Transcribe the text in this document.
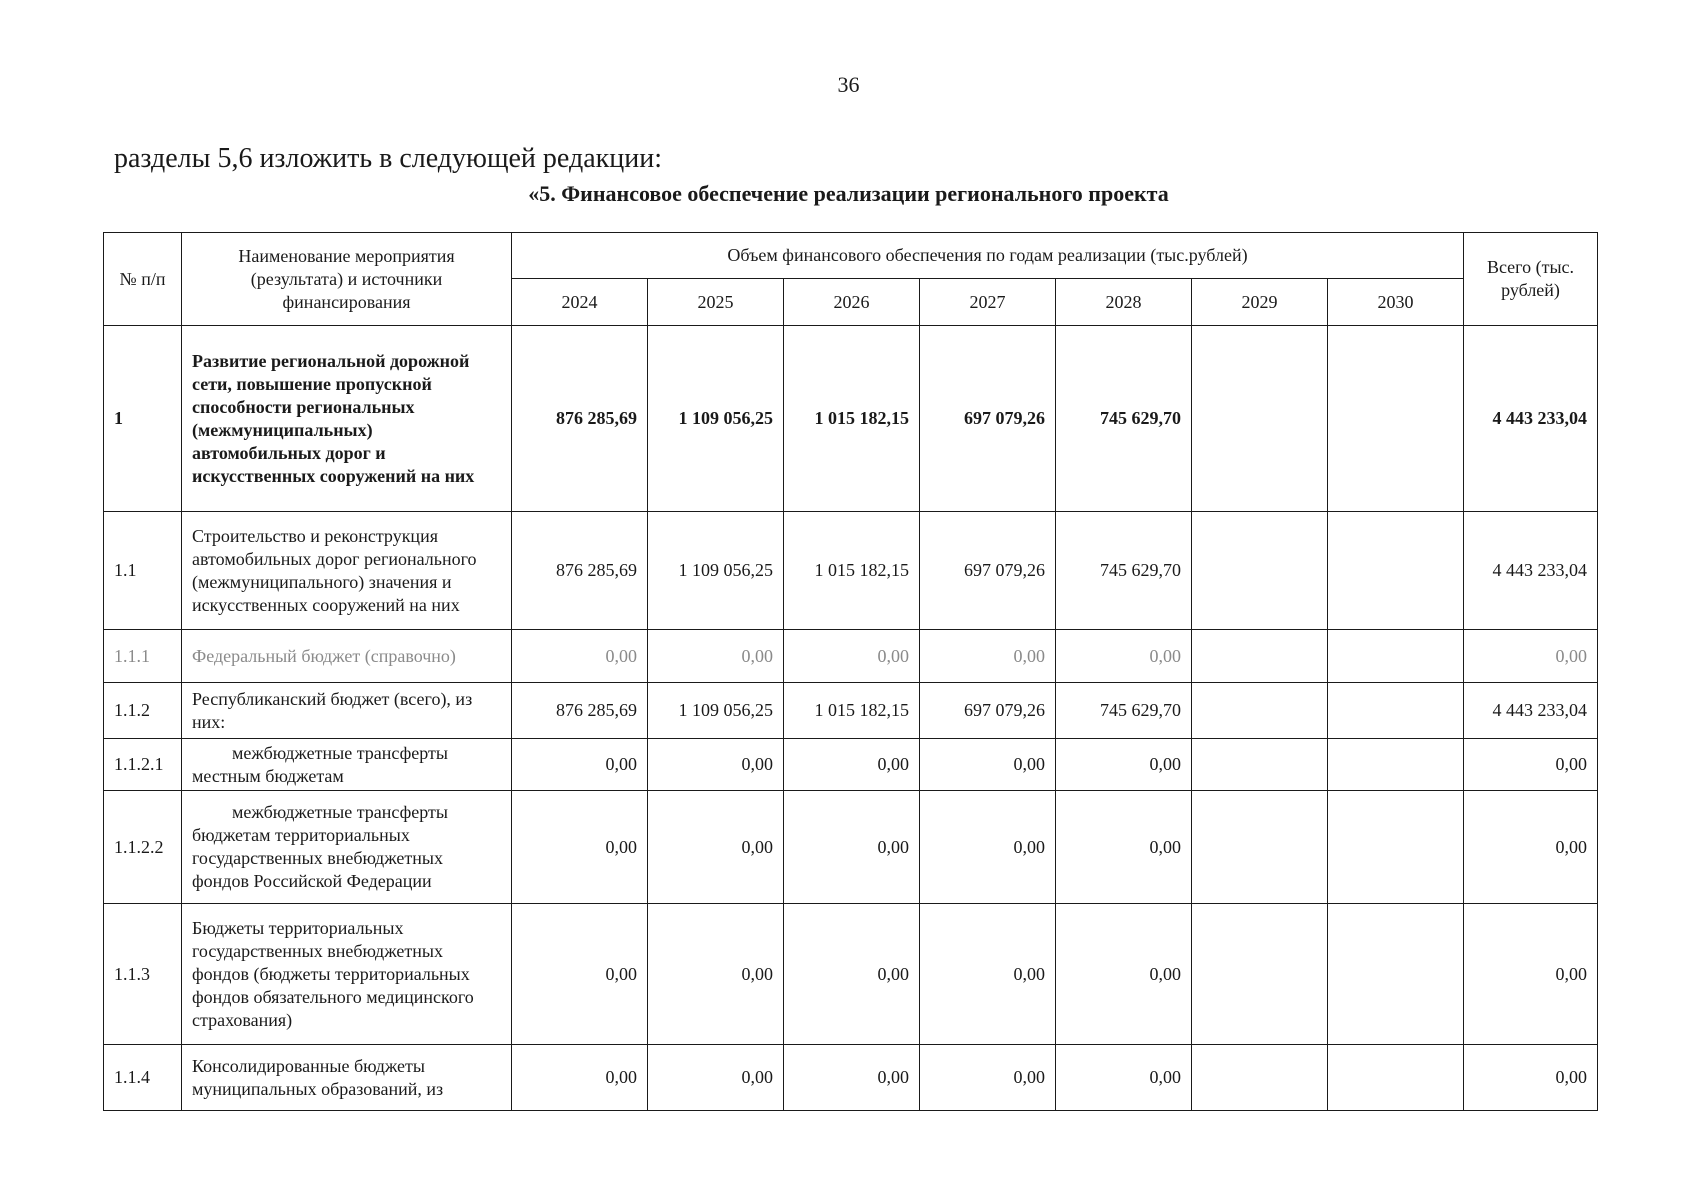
36
разделы 5,6 изложить в следующей редакции:
«5. Финансовое обеспечение реализации регионального проекта
№ п/п	Наименование мероприятия (результата) и источники финансирования	Объем финансового обеспечения по годам реализации (тыс.рублей)							Всего (тыс. рублей)
		2024	2025	2026	2027	2028	2029	2030	
1	Развитие региональной дорожной сети, повышение пропускной способности региональных (межмуниципальных) автомобильных дорог и искусственных сооружений на них	876 285,69	1 109 056,25	1 015 182,15	697 079,26	745 629,70			4 443 233,04
1.1	Строительство и реконструкция автомобильных дорог регионального (межмуниципального) значения и искусственных сооружений на них	876 285,69	1 109 056,25	1 015 182,15	697 079,26	745 629,70			4 443 233,04
1.1.1	Федеральный бюджет (справочно)	0,00	0,00	0,00	0,00	0,00			0,00
1.1.2	Республиканский бюджет (всего), из них:	876 285,69	1 109 056,25	1 015 182,15	697 079,26	745 629,70			4 443 233,04
1.1.2.1	межбюджетные трансферты местным бюджетам	0,00	0,00	0,00	0,00	0,00			0,00
1.1.2.2	межбюджетные трансферты бюджетам территориальных государственных внебюджетных фондов Российской Федерации	0,00	0,00	0,00	0,00	0,00			0,00
1.1.3	Бюджеты территориальных государственных внебюджетных фондов (бюджеты территориальных фондов обязательного медицинского страхования)	0,00	0,00	0,00	0,00	0,00			0,00
1.1.4	Консолидированные бюджеты муниципальных образований, из	0,00	0,00	0,00	0,00	0,00			0,00
